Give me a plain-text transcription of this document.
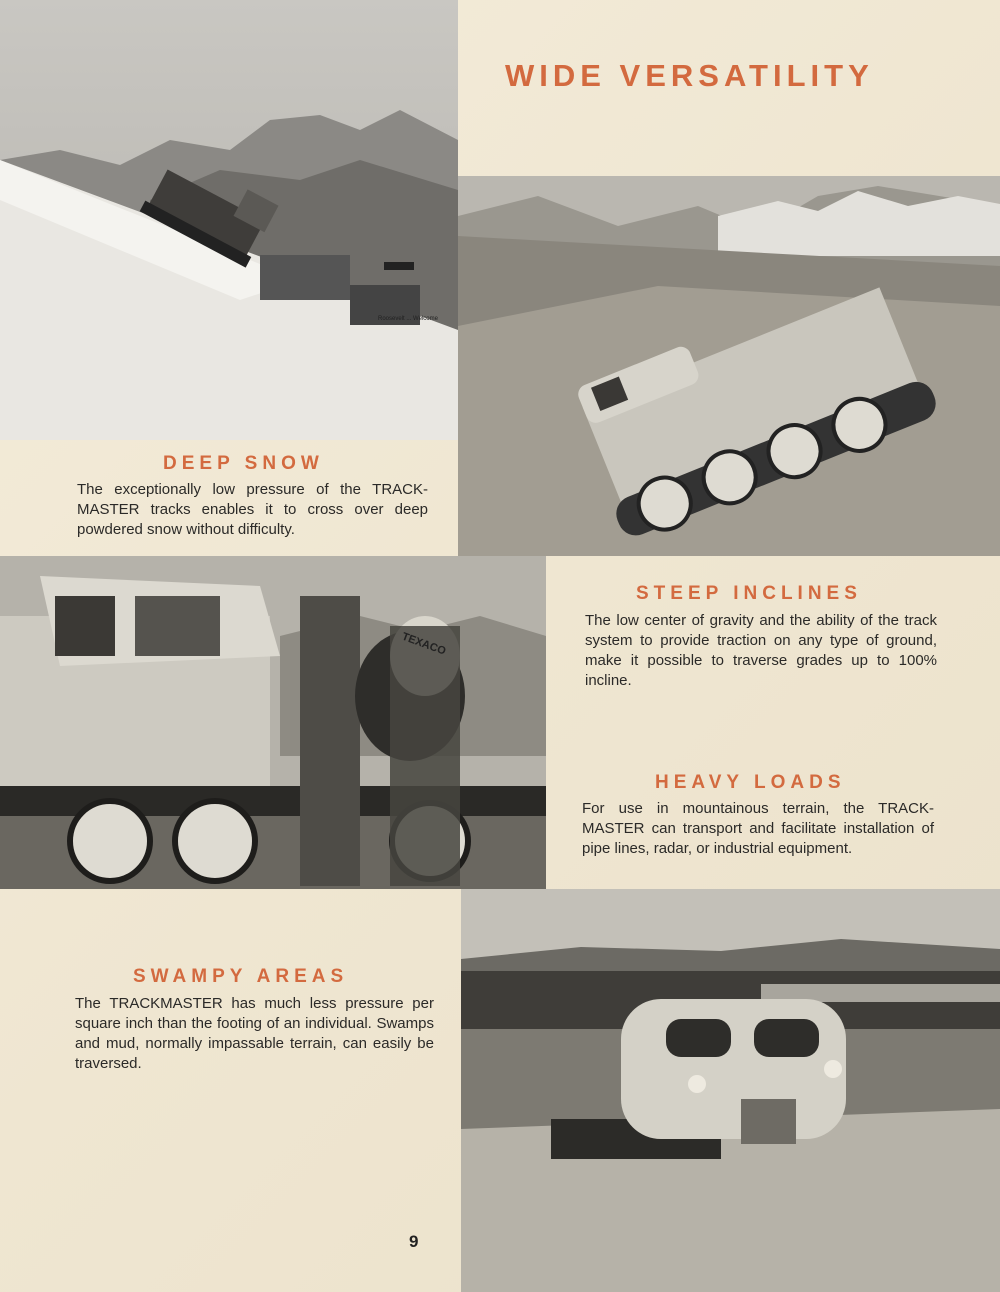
Roosevelt ... Welcome
WIDE VERSATILITY
DEEP SNOW

The exceptionally low pressure of the TRACK-MASTER tracks enables it to cross over deep powdered snow without difficulty.

TEXACO
STEEP INCLINES

The low center of gravity and the ability of the track system to provide traction on any type of ground, make it possible to traverse grades up to 100% incline.

HEAVY LOADS

For use in mountainous terrain, the TRACK-MASTER can transport and facilitate installation of pipe lines, radar, or industrial equipment.

SWAMPY AREAS

The TRACKMASTER has much less pressure per square inch than the footing of an individual. Swamps and mud, normally impassable terrain, can easily be traversed.

9
